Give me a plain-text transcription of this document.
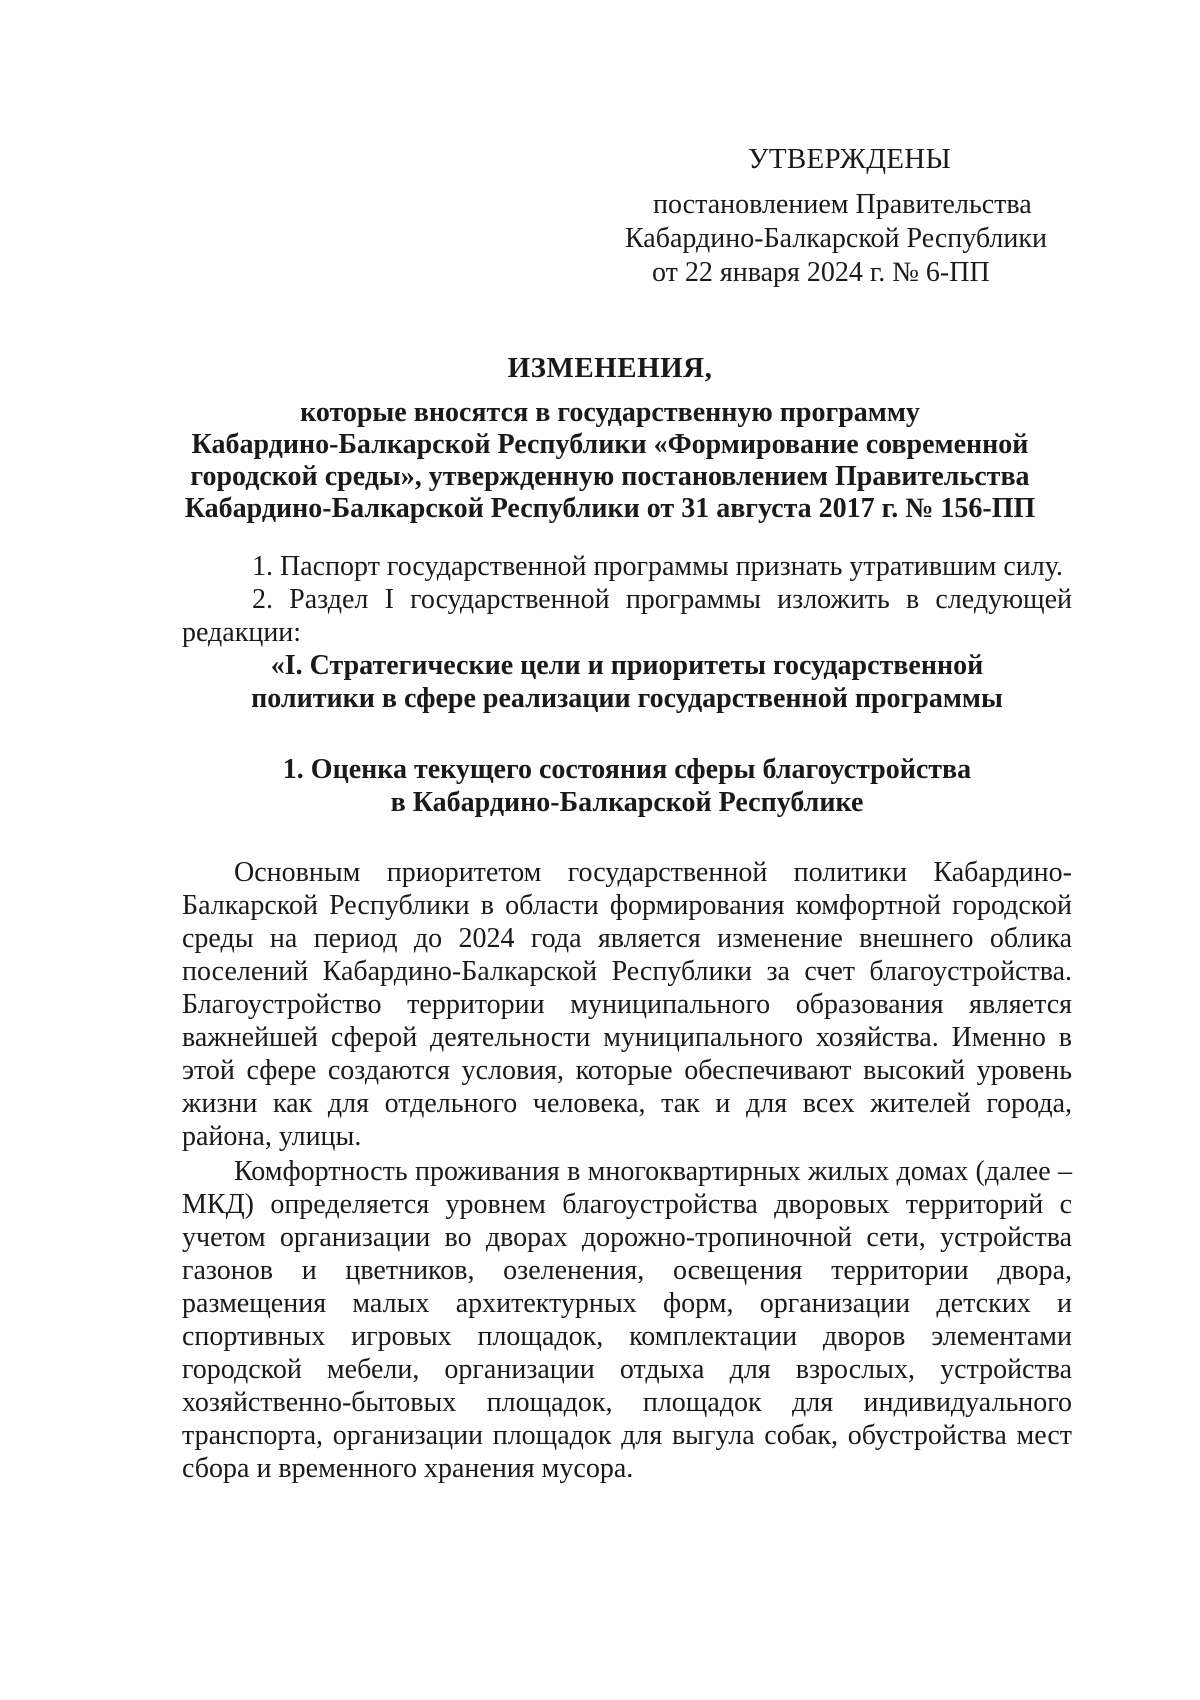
УТВЕРЖДЕНЫ
постановлением Правительства
Кабардино-Балкарской Республики
от 22 января 2024 г. № 6-ПП
ИЗМЕНЕНИЯ,
которые вносятся в государственную программу
Кабардино-Балкарской Республики «Формирование современной
городской среды», утвержденную постановлением Правительства
Кабардино-Балкарской Республики от 31 августа 2017 г. № 156-ПП

1. Паспорт государственной программы признать утратившим силу.

2. Раздел I государственной программы изложить в следующей редакции:

«I. Стратегические цели и приоритеты государственной
политики в сфере реализации государственной программы
1. Оценка текущего состояния сферы благоустройства
в Кабардино-Балкарской Республике

Основным приоритетом государственной политики Кабардино-Балкарской Республики в области формирования комфортной городской среды на период до 2024 года является изменение внешнего облика поселений Кабардино-Балкарской Республики за счет благоустройства. Благоустройство территории муниципального образования является важнейшей сферой деятельности муниципального хозяйства. Именно в этой сфере создаются условия, которые обеспечивают высокий уровень жизни как для отдельного человека, так и для всех жителей города, района, улицы.

Комфортность проживания в многоквартирных жилых домах (далее – МКД) определяется уровнем благоустройства дворовых территорий с учетом организации во дворах дорожно-тропиночной сети, устройства газонов и цветников, озеленения, освещения территории двора, размещения малых архитектурных форм, организации детских и спортивных игровых площадок, комплектации дворов элементами городской мебели, организации отдыха для взрослых, устройства хозяйственно-бытовых площадок, площадок для индивидуального транспорта, организации площадок для выгула собак, обустройства мест сбора и временного хранения мусора.
